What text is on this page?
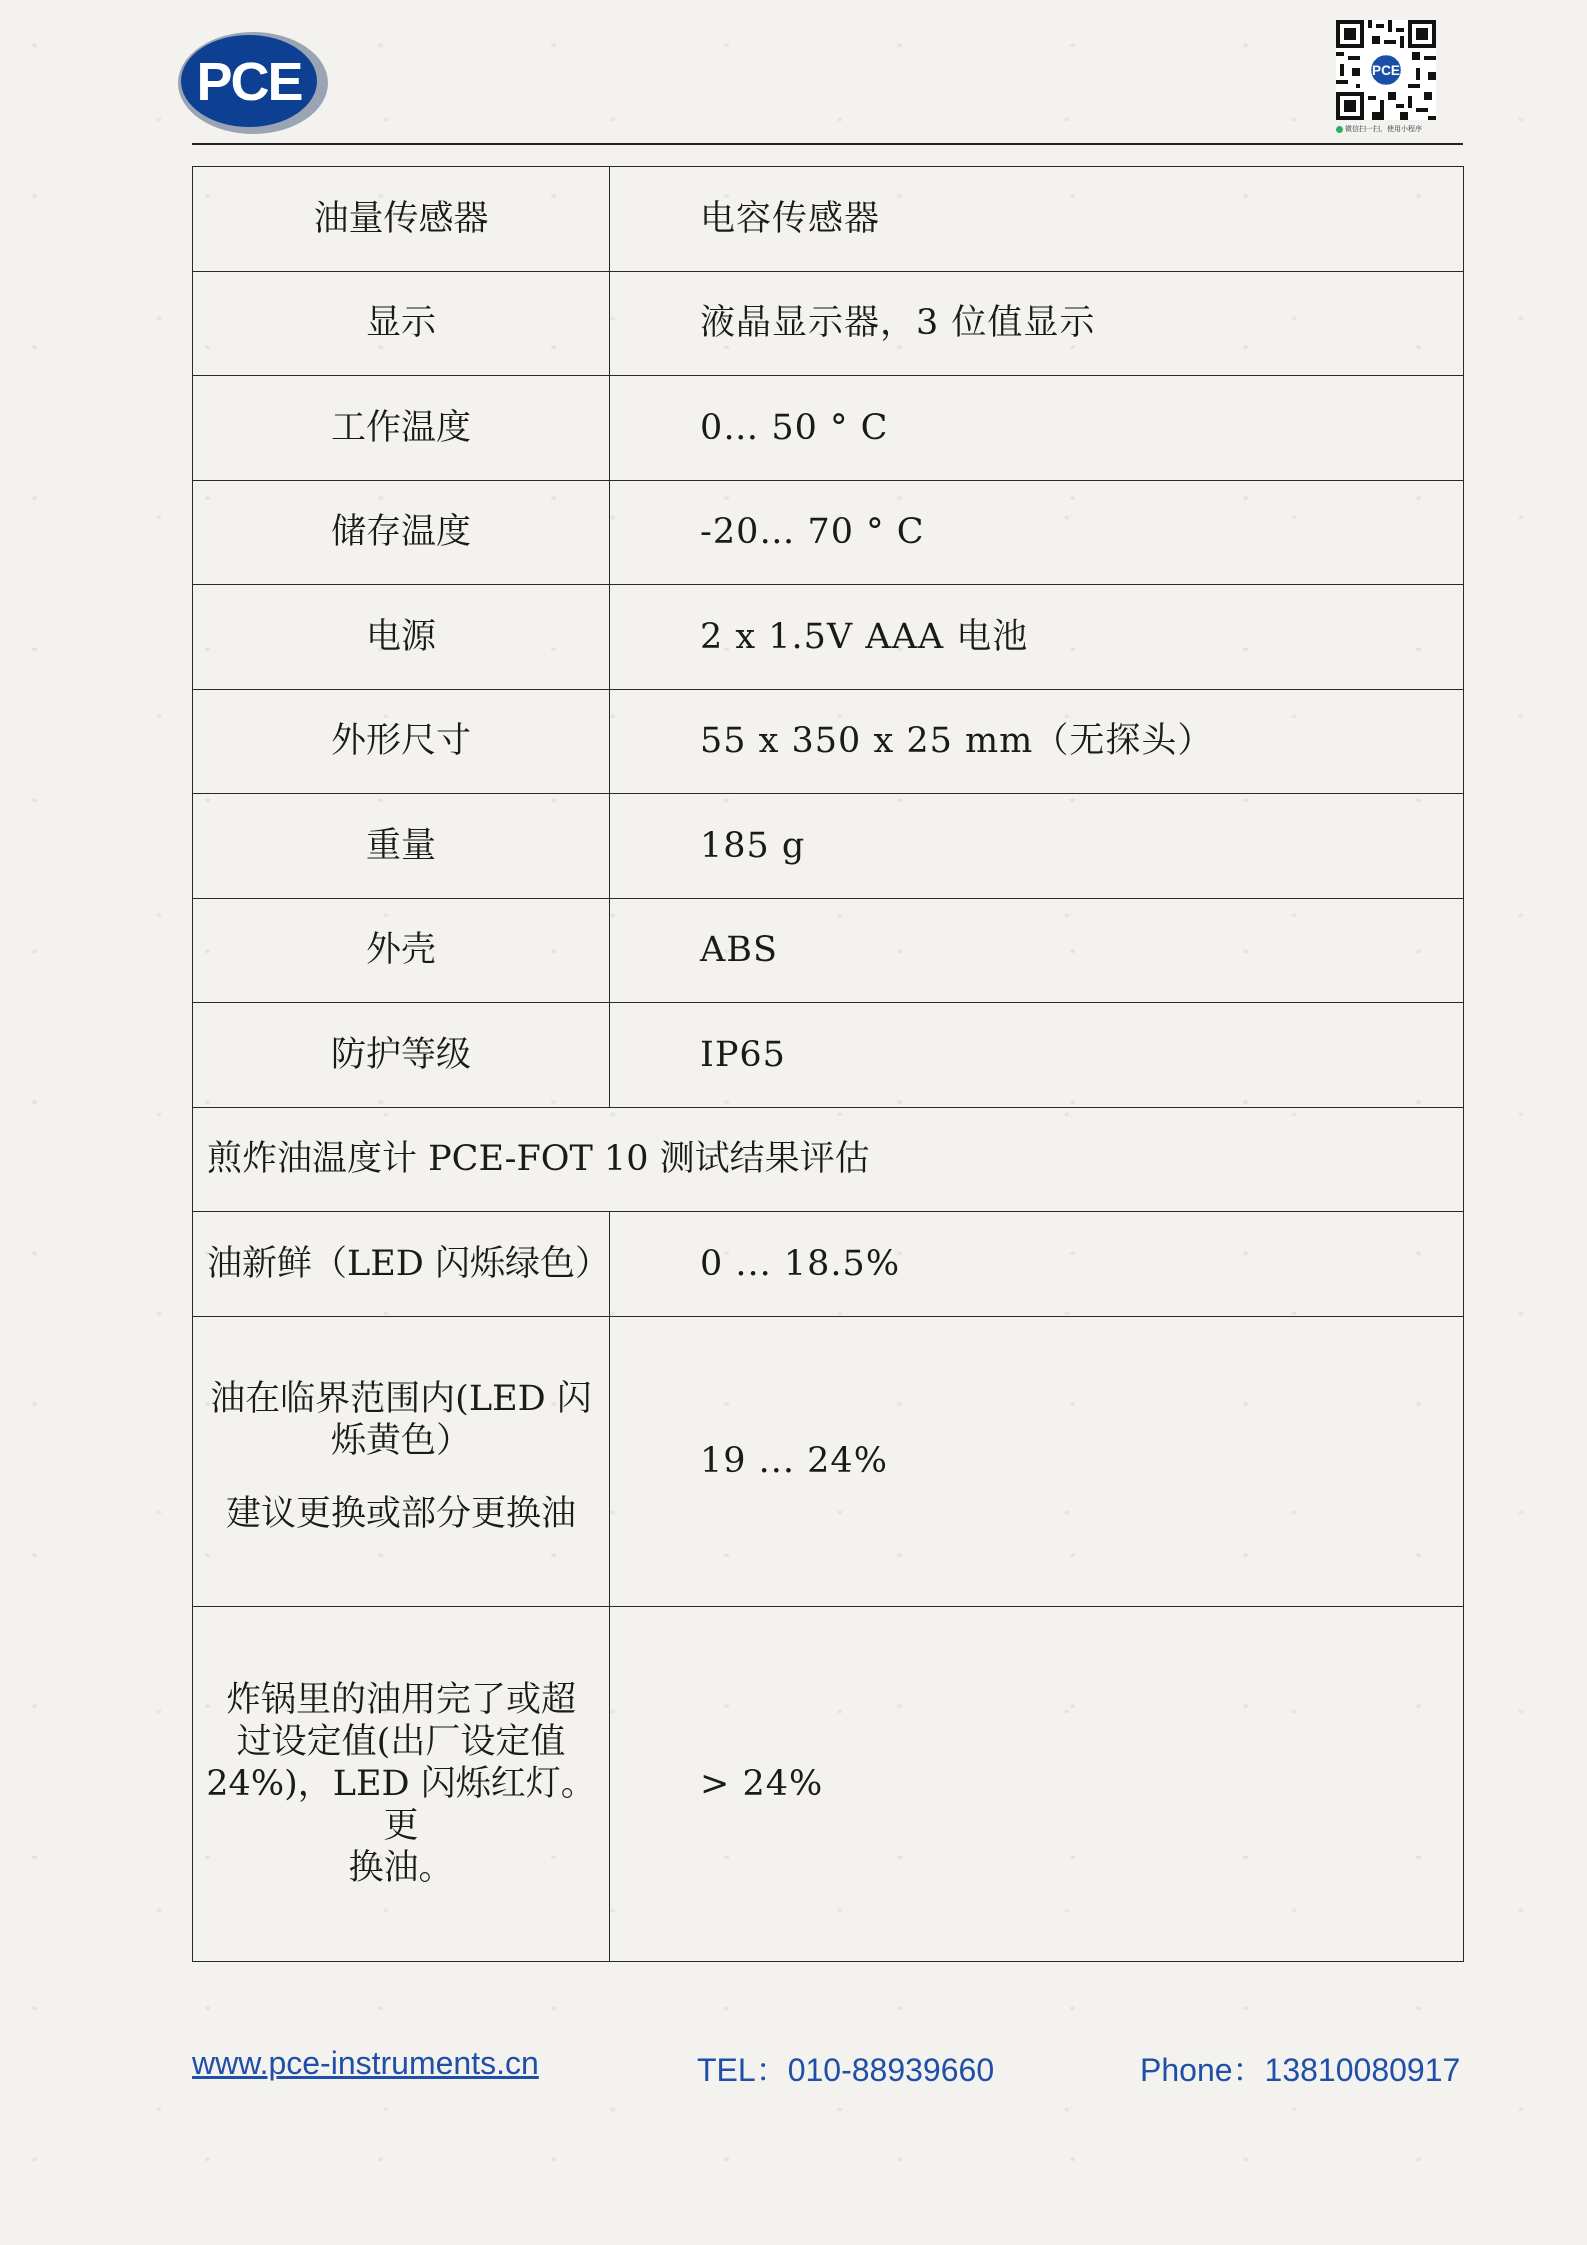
PCE	PCE
微信扫一扫，使用小程序
油量传感器	电容传感器
显示	液晶显示器，3 位值显示
工作温度	0… 50 ° C
储存温度	-20… 70 ° C
电源	2 x 1.5V AAA 电池
外形尺寸	55 x 350 x 25 mm（无探头）
重量	185 g
外壳	ABS
防护等级	IP65
煎炸油温度计 PCE-FOT 10 测试结果评估	
油新鲜（LED 闪烁绿色）	0 ... 18.5%

油在临界范围内(LED 闪
烁黄色）
建议更换或部分更换油	19 ... 24%

炸锅里的油用完了或超
过设定值(出厂设定值
24%)，LED 闪烁红灯。更
换油。	> 24%
www.pce-instruments.cn	TEL：010-88939660	Phone：13810080917
